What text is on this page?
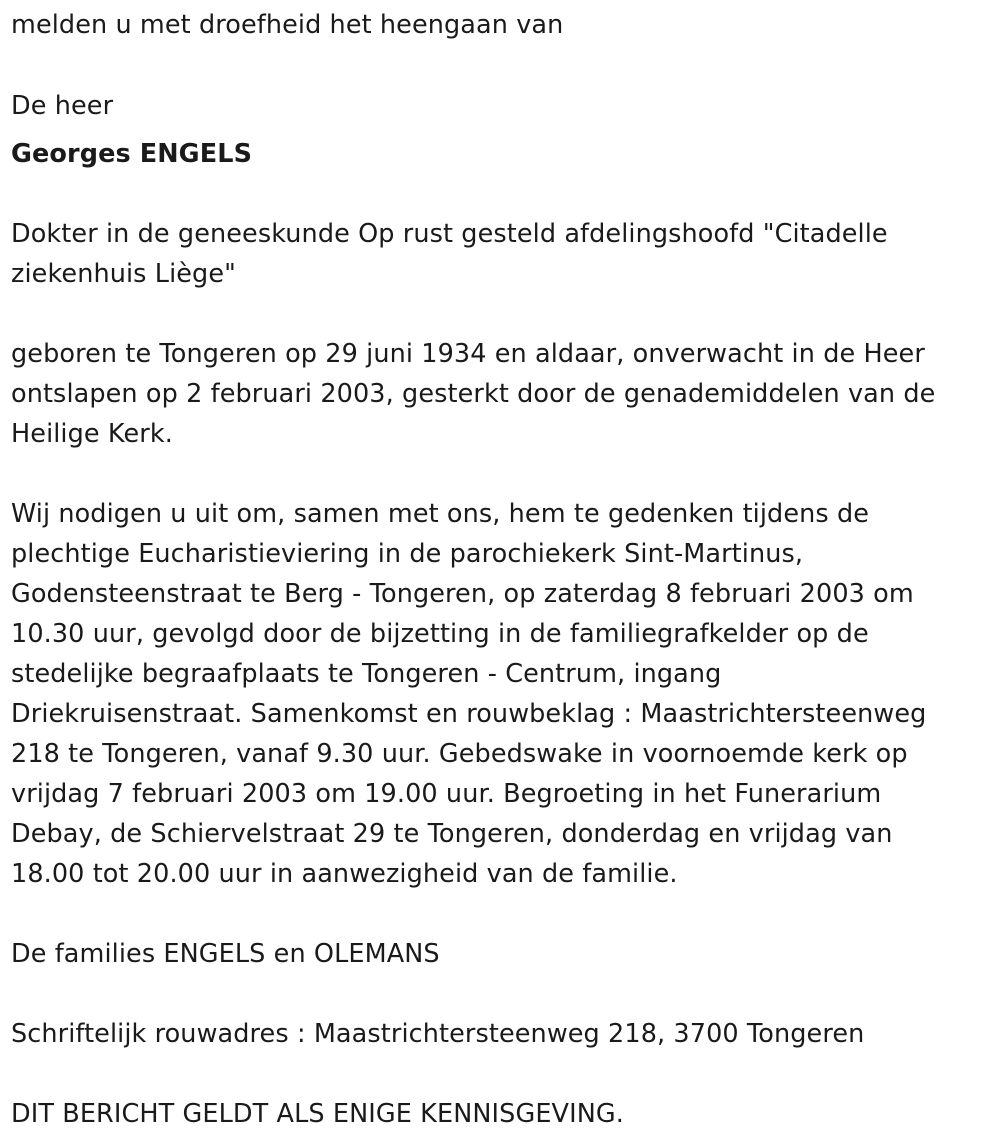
melden u met droefheid het heengaan van

De heer

Georges ENGELS

Dokter in de geneeskunde Op rust gesteld afdelingshoofd "Citadelle

ziekenhuis Liège"

geboren te Tongeren op 29 juni 1934 en aldaar, onverwacht in de Heer

ontslapen op 2 februari 2003, gesterkt door de genademiddelen van de

Heilige Kerk.

Wij nodigen u uit om, samen met ons, hem te gedenken tijdens de

plechtige Eucharistieviering in de parochiekerk Sint-Martinus,

Godensteenstraat te Berg - Tongeren, op zaterdag 8 februari 2003 om

10.30 uur, gevolgd door de bijzetting in de familiegrafkelder op de

stedelijke begraafplaats te Tongeren - Centrum, ingang

Driekruisenstraat. Samenkomst en rouwbeklag : Maastrichtersteenweg

218 te Tongeren, vanaf 9.30 uur. Gebedswake in voornoemde kerk op

vrijdag 7 februari 2003 om 19.00 uur. Begroeting in het Funerarium

Debay, de Schiervelstraat 29 te Tongeren, donderdag en vrijdag van

18.00 tot 20.00 uur in aanwezigheid van de familie.

De families ENGELS en OLEMANS

Schriftelijk rouwadres : Maastrichtersteenweg 218, 3700 Tongeren

DIT BERICHT GELDT ALS ENIGE KENNISGEVING.
